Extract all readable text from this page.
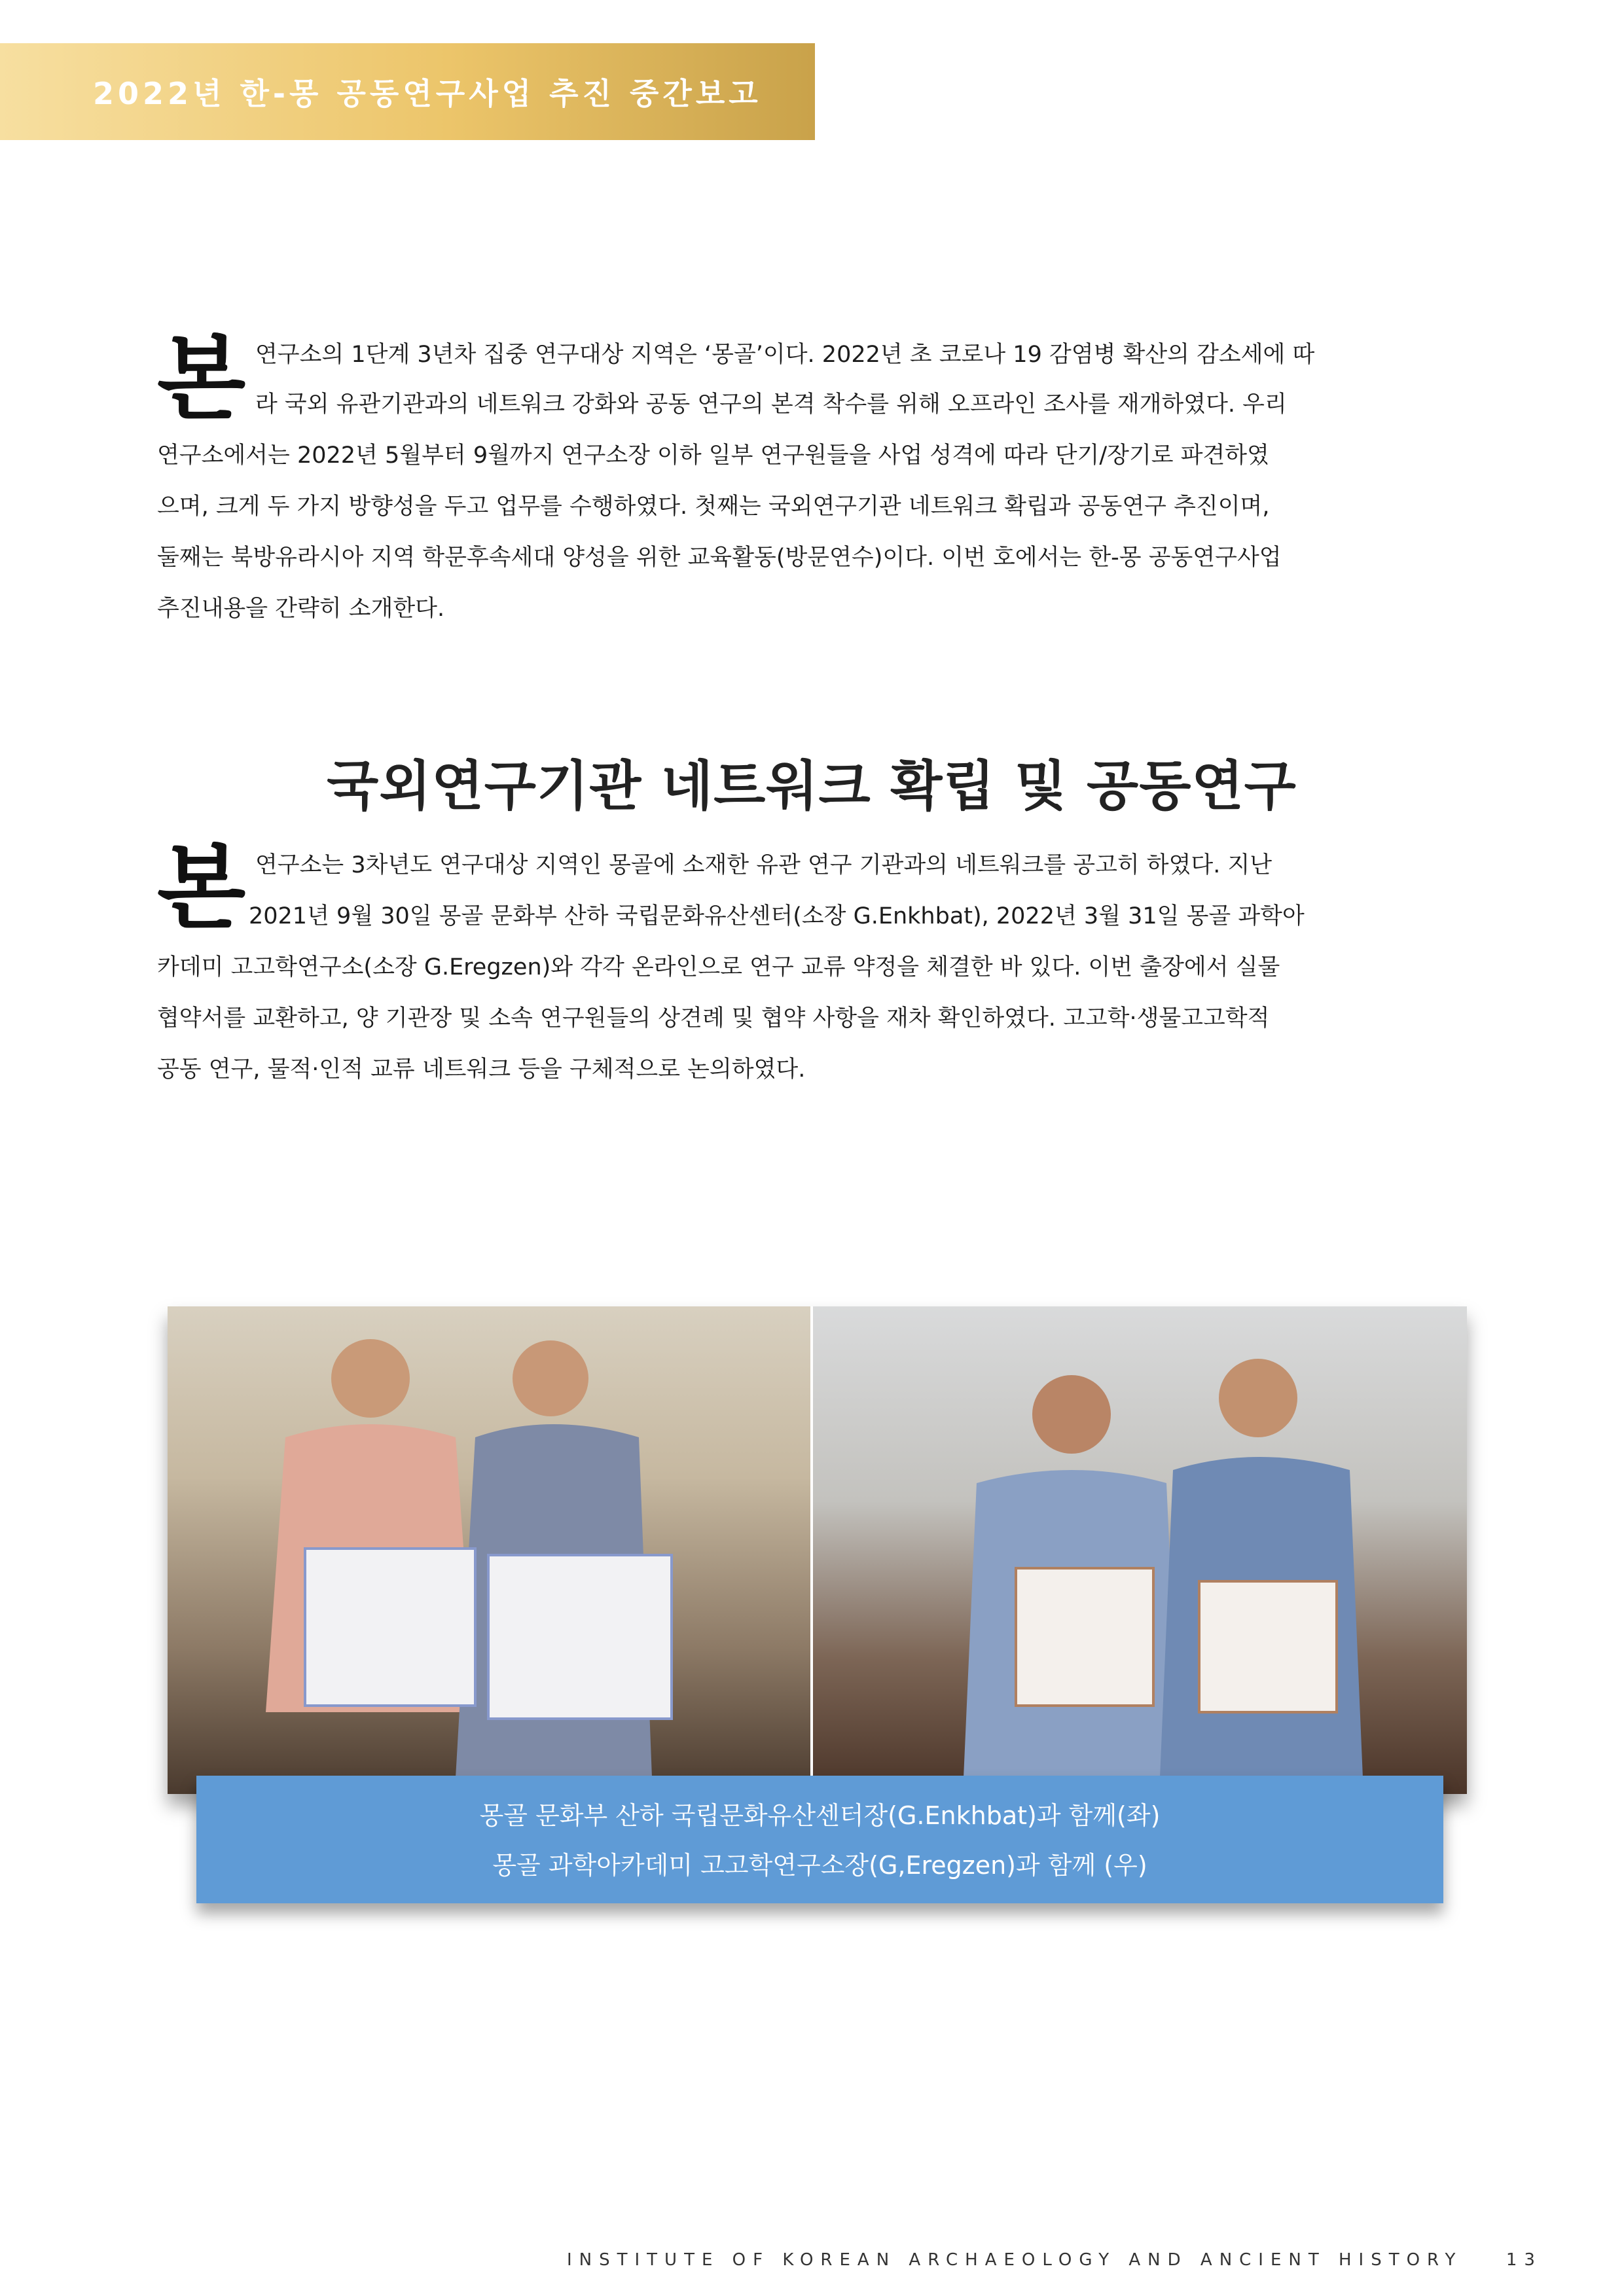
2022년 한-몽 공동연구사업 추진 중간보고
본 연구소의 1단계 3년차 집중 연구대상 지역은 ‘몽골’이다. 2022년 초 코로나 19 감염병 확산의 감소세에 따
라 국외 유관기관과의 네트워크 강화와 공동 연구의 본격 착수를 위해 오프라인 조사를 재개하였다. 우리
연구소에서는 2022년 5월부터 9월까지 연구소장 이하 일부 연구원들을 사업 성격에 따라 단기/장기로 파견하였
으며, 크게 두 가지 방향성을 두고 업무를 수행하였다. 첫째는 국외연구기관 네트워크 확립과 공동연구 추진이며,
둘째는 북방유라시아 지역 학문후속세대 양성을 위한 교육활동(방문연수)이다. 이번 호에서는 한-몽 공동연구사업
추진내용을 간략히 소개한다.
국외연구기관 네트워크 확립 및 공동연구
본 연구소는 3차년도 연구대상 지역인 몽골에 소재한 유관 연구 기관과의 네트워크를 공고히 하였다. 지난
2021년 9월 30일 몽골 문화부 산하 국립문화유산센터(소장 G.Enkhbat), 2022년 3월 31일 몽골 과학아
카데미 고고학연구소(소장 G.Eregzen)와 각각 온라인으로 연구 교류 약정을 체결한 바 있다. 이번 출장에서 실물
협약서를 교환하고, 양 기관장 및 소속 연구원들의 상견례 및 협약 사항을 재차 확인하였다. 고고학·생물고고학적
공동 연구, 물적·인적 교류 네트워크 등을 구체적으로 논의하였다.
몽골 문화부 산하 국립문화유산센터장(G.Enkhbat)과 함께(좌)
몽골 과학아카데미 고고학연구소장(G,Eregzen)과 함께 (우)
INSTITUTE OF KOREAN ARCHAEOLOGY AND ANCIENT HISTORY	13
